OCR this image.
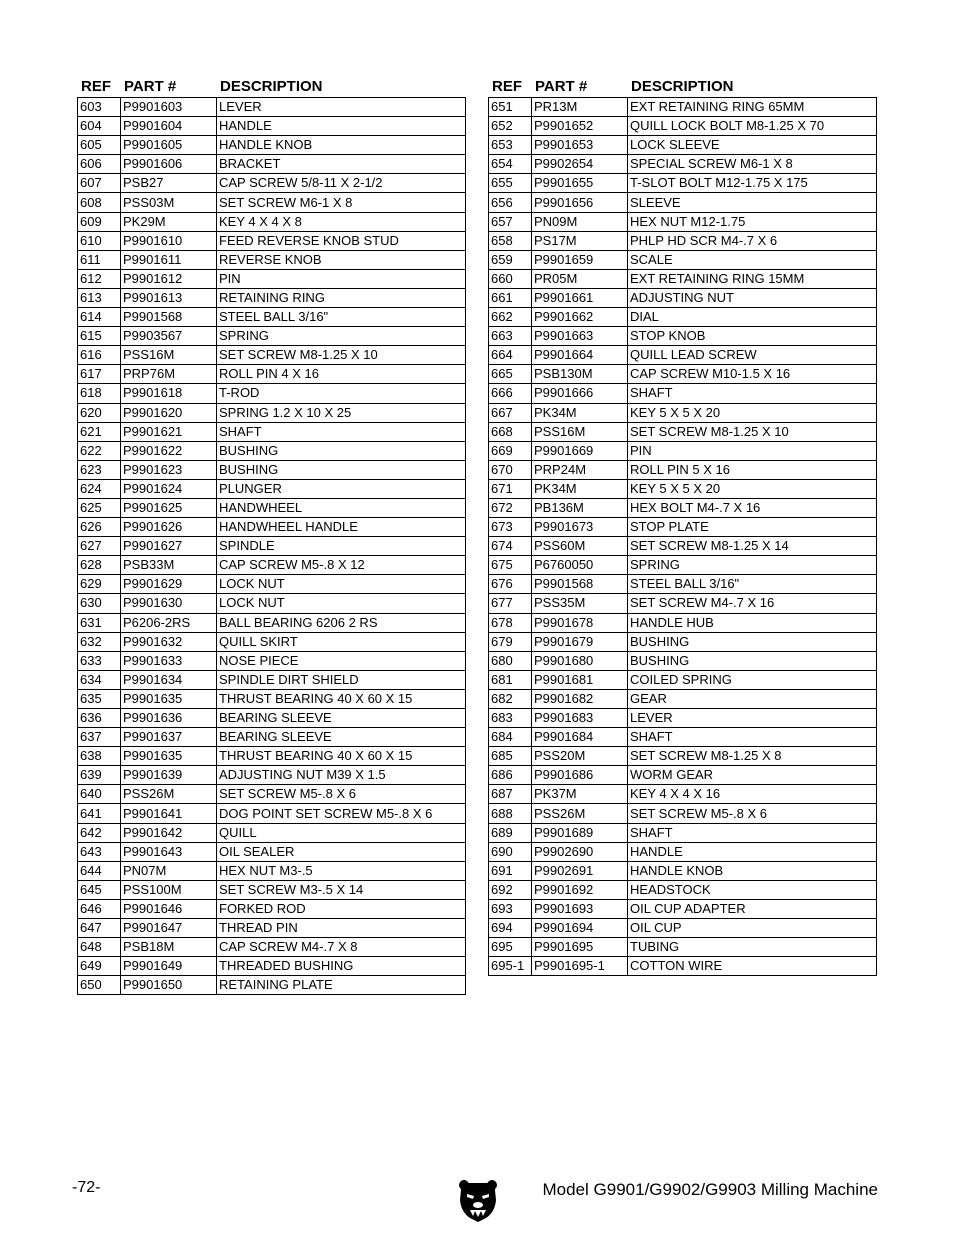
REF PART #	DESCRIPTION
603	P9901603	LEVER
604	P9901604	HANDLE
605	P9901605	HANDLE KNOB
606	P9901606	BRACKET
607	PSB27	CAP SCREW 5/8-11 X 2-1/2
608	PSS03M	SET SCREW M6-1 X 8
609	PK29M	KEY 4 X 4 X 8
610	P9901610	FEED REVERSE KNOB STUD
611	P9901611	REVERSE KNOB
612	P9901612	PIN
613	P9901613	RETAINING RING
614	P9901568	STEEL BALL 3/16"
615	P9903567	SPRING
616	PSS16M	SET SCREW M8-1.25 X 10
617	PRP76M	ROLL PIN 4 X 16
618	P9901618	T-ROD
620	P9901620	SPRING 1.2 X 10 X 25
621	P9901621	SHAFT
622	P9901622	BUSHING
623	P9901623	BUSHING
624	P9901624	PLUNGER
625	P9901625	HANDWHEEL
626	P9901626	HANDWHEEL HANDLE
627	P9901627	SPINDLE
628	PSB33M	CAP SCREW M5-.8 X 12
629	P9901629	LOCK NUT
630	P9901630	LOCK NUT
631	P6206-2RS	BALL BEARING 6206 2 RS
632	P9901632	QUILL SKIRT
633	P9901633	NOSE PIECE
634	P9901634	SPINDLE DIRT SHIELD
635	P9901635	THRUST BEARING 40 X 60 X 15
636	P9901636	BEARING SLEEVE
637	P9901637	BEARING SLEEVE
638	P9901635	THRUST BEARING 40 X 60 X 15
639	P9901639	ADJUSTING NUT M39 X 1.5
640	PSS26M	SET SCREW M5-.8 X 6
641	P9901641	DOG POINT SET SCREW M5-.8 X 6
642	P9901642	QUILL
643	P9901643	OIL SEALER
644	PN07M	HEX NUT M3-.5
645	PSS100M	SET SCREW M3-.5 X 14
646	P9901646	FORKED ROD
647	P9901647	THREAD PIN
648	PSB18M	CAP SCREW M4-.7 X 8
649	P9901649	THREADED BUSHING
650	P9901650	RETAINING PLATE
REF PART #	DESCRIPTION
651	PR13M	EXT RETAINING RING 65MM
652	P9901652	QUILL LOCK BOLT M8-1.25 X 70
653	P9901653	LOCK SLEEVE
654	P9902654	SPECIAL SCREW M6-1 X 8
655	P9901655	T-SLOT BOLT M12-1.75 X 175
656	P9901656	SLEEVE
657	PN09M	HEX NUT M12-1.75
658	PS17M	PHLP HD SCR M4-.7 X 6
659	P9901659	SCALE
660	PR05M	EXT RETAINING RING 15MM
661	P9901661	ADJUSTING NUT
662	P9901662	DIAL
663	P9901663	STOP KNOB
664	P9901664	QUILL LEAD SCREW
665	PSB130M	CAP SCREW M10-1.5 X 16
666	P9901666	SHAFT
667	PK34M	KEY 5 X 5 X 20
668	PSS16M	SET SCREW M8-1.25 X 10
669	P9901669	PIN
670	PRP24M	ROLL PIN 5 X 16
671	PK34M	KEY 5 X 5 X 20
672	PB136M	HEX BOLT M4-.7 X 16
673	P9901673	STOP PLATE
674	PSS60M	SET SCREW M8-1.25 X 14
675	P6760050	SPRING
676	P9901568	STEEL BALL 3/16"
677	PSS35M	SET SCREW M4-.7 X 16
678	P9901678	HANDLE HUB
679	P9901679	BUSHING
680	P9901680	BUSHING
681	P9901681	COILED SPRING
682	P9901682	GEAR
683	P9901683	LEVER
684	P9901684	SHAFT
685	PSS20M	SET SCREW M8-1.25 X 8
686	P9901686	WORM GEAR
687	PK37M	KEY 4 X 4 X 16
688	PSS26M	SET SCREW M5-.8 X 6
689	P9901689	SHAFT
690	P9902690	HANDLE
691	P9902691	HANDLE KNOB
692	P9901692	HEADSTOCK
693	P9901693	OIL CUP ADAPTER
694	P9901694	OIL CUP
695	P9901695	TUBING
695-1	P9901695-1	COTTON WIRE
-72-	Model G9901/G9902/G9903 Milling Machine
